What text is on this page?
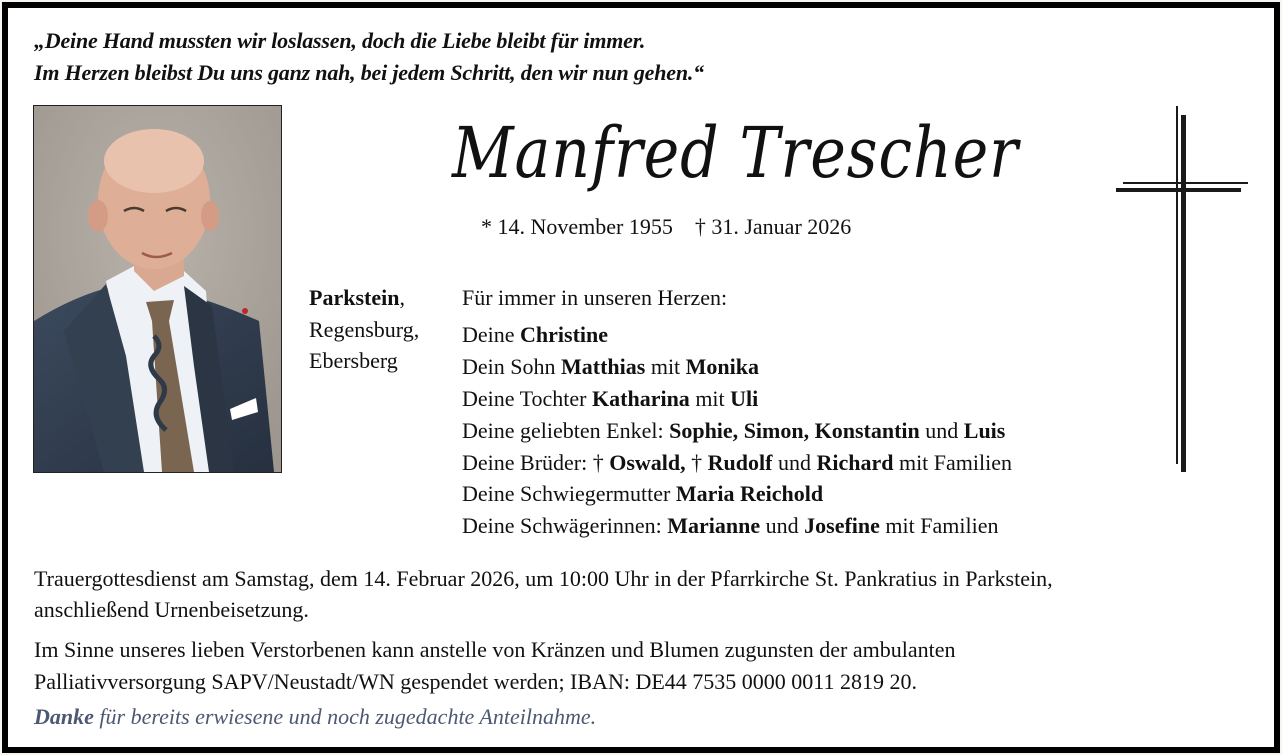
„Deine Hand mussten wir loslassen, doch die Liebe bleibt für immer.
Im Herzen bleibst Du uns ganz nah, bei jedem Schritt, den wir nun gehen.“
Manfred Trescher
* 14. November 1955 † 31. Januar 2026
Parkstein,
Regensburg,
Ebersberg
Für immer in unseren Herzen:
Deine Christine
Dein Sohn Matthias mit Monika
Deine Tochter Katharina mit Uli
Deine geliebten Enkel: Sophie, Simon, Konstantin und Luis
Deine Brüder: † Oswald, † Rudolf und Richard mit Familien
Deine Schwiegermutter Maria Reichold
Deine Schwägerinnen: Marianne und Josefine mit Familien
Trauergottesdienst am Samstag, dem 14. Februar 2026, um 10:00 Uhr in der Pfarrkirche St. Pankratius in Parkstein,
anschließend Urnenbeisetzung.
Im Sinne unseres lieben Verstorbenen kann anstelle von Kränzen und Blumen zugunsten der ambulanten
Palliativversorgung SAPV/Neustadt/WN gespendet werden; IBAN: DE44 7535 0000 0011 2819 20.
Danke für bereits erwiesene und noch zugedachte Anteilnahme.
